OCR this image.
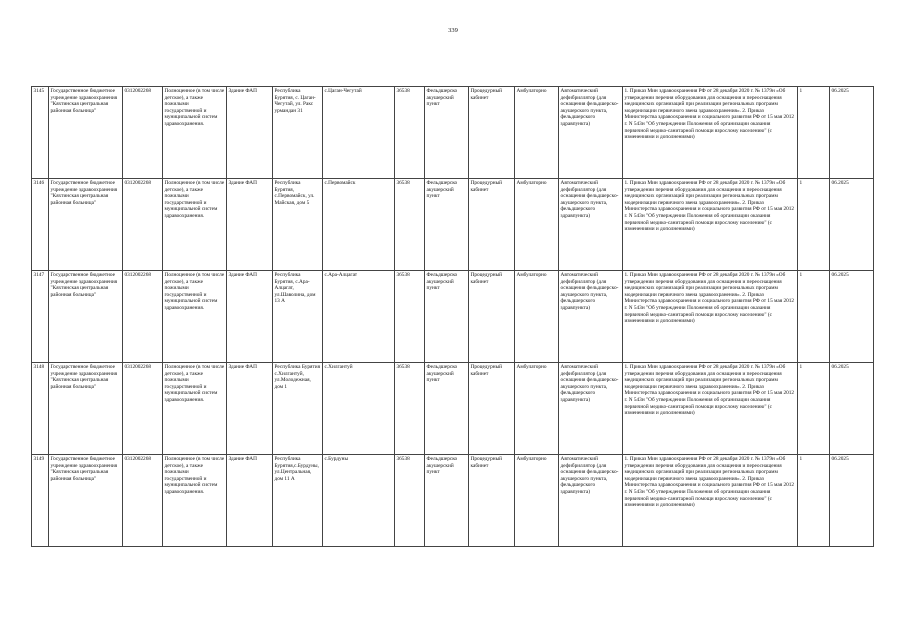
339
3145	Государственное бюджетное учреждение здравоохранения "Кяхтинская центральная районная больница"	0312002268	Полноценное (в том числе детское), а также пожилыми государственной и муниципальной систем здравоохранения.	Здание ФАП	Республика Бурятия, с. Цаган-Чегутай, ул. Ракс урмандан 31	с.Цаган-Чегутай	36538	Фельдшерско акушерский пункт	Процедурный кабинет	Амбулаторно	Автоматический дефибриллятор (для оснащения фельдшерско-акушерского пункта, фельдшерского здравпункта)	1. Приказ Мин здравоохранения РФ от 28 декабря 2020 г. № 1379н «Об утверждении перечня оборудования для оснащения и переоснащения медицинских организаций при реализации региональных программ модернизации первичного звена здравоохранения». 2. Приказ Министерства здравоохранения и социального развития РФ от 15 мая 2012 г. N 543н "Об утверждении Положения об организации оказания первичной медико-санитарной помощи взрослому населению" (с изменениями и дополнениями)	1	06.2025
3146	Государственное бюджетное учреждение здравоохранения "Кяхтинская центральная районная больница"	0312002268	Полноценное (в том числе детское), а также пожилыми государственной и муниципальной систем здравоохранения.	Здание ФАП	Республика Бурятия, с.Первомайск, ул. Майская, дом 5	с.Первомайск	36538	Фельдшерско акушерский пункт	Процедурный кабинет	Амбулаторно	Автоматический дефибриллятор (для оснащения фельдшерско-акушерского пункта, фельдшерского здравпункта)	1. Приказ Мин здравоохранения РФ от 28 декабря 2020 г. № 1379н «Об утверждении перечня оборудования для оснащения и переоснащения медицинских организаций при реализации региональных программ модернизации первичного звена здравоохранения». 2. Приказ Министерства здравоохранения и социального развития РФ от 15 мая 2012 г. N 543н "Об утверждении Положения об организации оказания первичной медико-санитарной помощи взрослому населению" (с изменениями и дополнениями)	1	06.2025
3147	Государственное бюджетное учреждение здравоохранения "Кяхтинская центральная районная больница"	0312002268	Полноценное (в том числе детское), а также пожилыми государственной и муниципальной систем здравоохранения.	Здание ФАП	Республика Бурятия, с.Ара-Алцагат, ул.Шаволина, дом 13 А	с.Ара-Алцагат	36538	Фельдшерско акушерский пункт	Процедурный кабинет	Амбулаторно	Автоматический дефибриллятор (для оснащения фельдшерско-акушерского пункта, фельдшерского здравпункта)	1. Приказ Мин здравоохранения РФ от 28 декабря 2020 г. № 1379н «Об утверждении перечня оборудования для оснащения и переоснащения медицинских организаций при реализации региональных программ модернизации первичного звена здравоохранения». 2. Приказ Министерства здравоохранения и социального развития РФ от 15 мая 2012 г. N 543н "Об утверждении Положения об организации оказания первичной медико-санитарной помощи взрослому населению" (с изменениями и дополнениями)	1	06.2025
3148	Государственное бюджетное учреждение здравоохранения "Кяхтинская центральная районная больница"	0312002268	Полноценное (в том числе детское), а также пожилыми государственной и муниципальной систем здравоохранения.	Здание ФАП	Республика Бурятия с.Хилгантуй, ул.Молодежная, дом 1	с.Хилгантуй	36538	Фельдшерско акушерский пункт	Процедурный кабинет	Амбулаторно	Автоматический дефибриллятор (для оснащения фельдшерско-акушерского пункта, фельдшерского здравпункта)	1. Приказ Мин здравоохранения РФ от 28 декабря 2020 г. № 1379н «Об утверждении перечня оборудования для оснащения и переоснащения медицинских организаций при реализации региональных программ модернизации первичного звена здравоохранения». 2. Приказ Министерства здравоохранения и социального развития РФ от 15 мая 2012 г. N 543н "Об утверждении Положения об организации оказания первичной медико-санитарной помощи взрослому населению" (с изменениями и дополнениями)	1	06.2025
3149	Государственное бюджетное учреждение здравоохранения "Кяхтинская центральная районная больница"	0312002268	Полноценное (в том числе детское), а также пожилыми государственной и муниципальной систем здравоохранения.	Здание ФАП	Республика Бурятия,с.Бурдуны, ул.Центральная, дом 11 А	с.Бурдуны	36538	Фельдшерско акушерский пункт	Процедурный кабинет	Амбулаторно	Автоматический дефибриллятор (для оснащения фельдшерско-акушерского пункта, фельдшерского здравпункта)	1. Приказ Мин здравоохранения РФ от 28 декабря 2020 г. № 1379н «Об утверждении перечня оборудования для оснащения и переоснащения медицинских организаций при реализации региональных программ модернизации первичного звена здравоохранения». 2. Приказ Министерства здравоохранения и социального развития РФ от 15 мая 2012 г. N 543н "Об утверждении Положения об организации оказания первичной медико-санитарной помощи взрослому населению" (с изменениями и дополнениями)	1	06.2025
